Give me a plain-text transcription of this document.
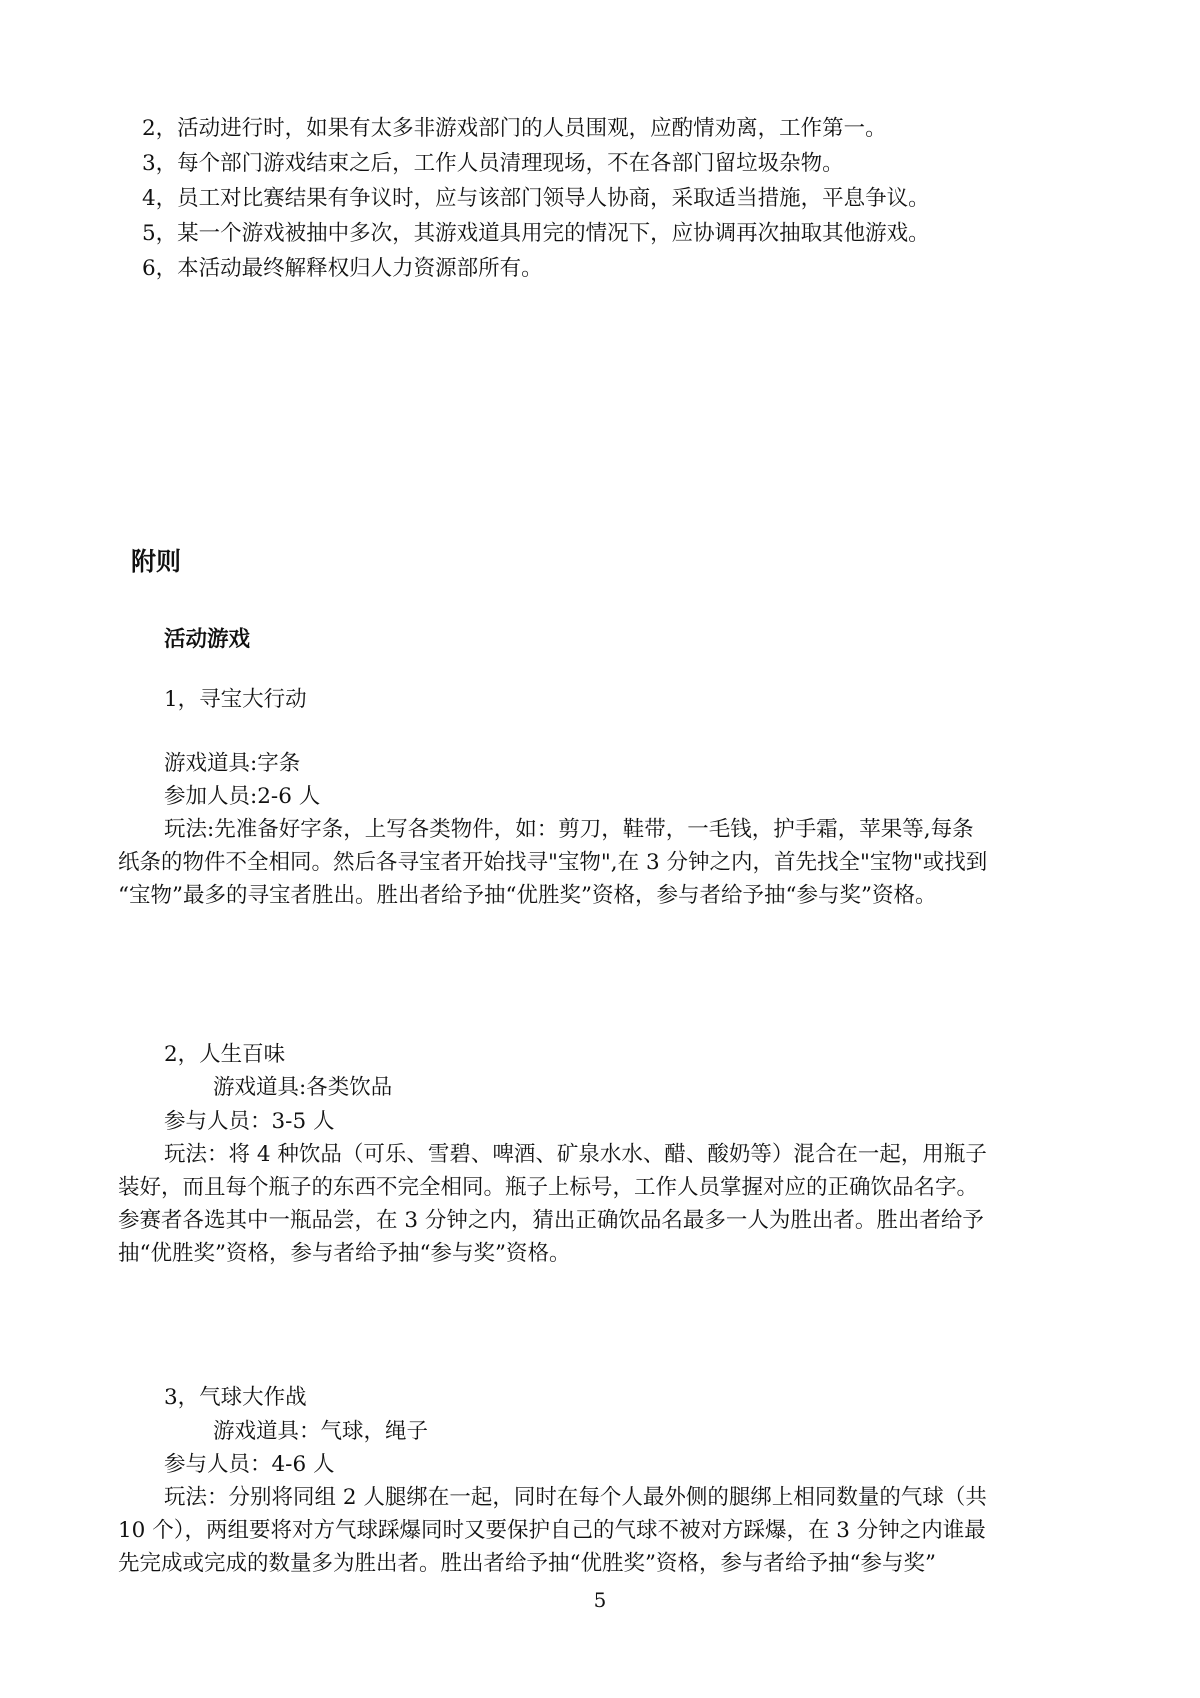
2，活动进行时，如果有太多非游戏部门的人员围观，应酌情劝离，工作第一。

3，每个部门游戏结束之后，工作人员清理现场，不在各部门留垃圾杂物。

4，员工对比赛结果有争议时，应与该部门领导人协商，采取适当措施，平息争议。

5，某一个游戏被抽中多次，其游戏道具用完的情况下，应协调再次抽取其他游戏。

6，本活动最终解释权归人力资源部所有。

附则
活动游戏

1，寻宝大行动

游戏道具:字条

参加人员:2-6 人

玩法:先准备好字条，上写各类物件，如：剪刀，鞋带，一毛钱，护手霜，苹果等,每条

纸条的物件不全相同。然后各寻宝者开始找寻"宝物",在 3 分钟之内，首先找全"宝物"或找到

“宝物”最多的寻宝者胜出。胜出者给予抽“优胜奖”资格，参与者给予抽“参与奖”资格。

2，人生百味

游戏道具:各类饮品

参与人员：3-5 人

玩法：将 4 种饮品（可乐、雪碧、啤酒、矿泉水水、醋、酸奶等）混合在一起，用瓶子

装好，而且每个瓶子的东西不完全相同。瓶子上标号，工作人员掌握对应的正确饮品名字。

参赛者各选其中一瓶品尝，在 3 分钟之内，猜出正确饮品名最多一人为胜出者。胜出者给予

抽“优胜奖”资格，参与者给予抽“参与奖”资格。

3，气球大作战

游戏道具：气球，绳子

参与人员：4-6 人

玩法：分别将同组 2 人腿绑在一起，同时在每个人最外侧的腿绑上相同数量的气球（共

10 个），两组要将对方气球踩爆同时又要保护自己的气球不被对方踩爆，在 3 分钟之内谁最

先完成或完成的数量多为胜出者。胜出者给予抽“优胜奖”资格，参与者给予抽“参与奖”

5
